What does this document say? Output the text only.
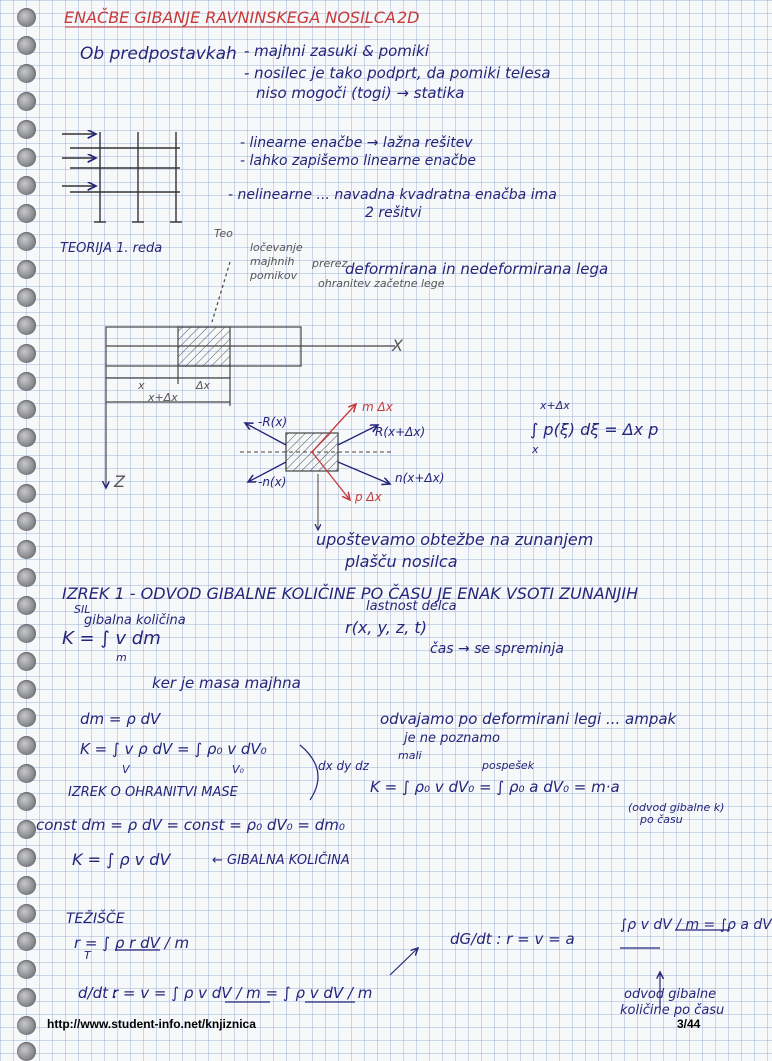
ENAČBE GIBANJE RAVNINSKEGA NOSILCA 2D
Ob predpostavkah - majhni zasuki & pomiki
- nosilec je tako podprt, da pomiki telesa
niso mogoči (togi) → statika
- linearne enačbe → lažna rešitev
- lahko zapišemo linearne enačbe
- nelinearne ... navadna kvadratna enačba ima
2 rešitvi
TEORIJA 1. reda
Teo
ločevanje
majhnih
pomikov
prerez
deformirana in nedeformirana lega
ohranitev začetne lege
X
Z
x	Δx
x+Δx
-R(x)
-n(x)
R(x+Δx)
n(x+Δx)
m Δx
p Δx
x+Δx
∫ p(ξ) dξ = Δx p
x
upoštevamo obtežbe na zunanjem
plašču nosilca
IZREK 1 - ODVOD GIBALNE KOLIČINE PO ČASU JE ENAK VSOTI ZUNANJIH
SIL
gibalna količina
K = ∫ v dm
m
lastnost delca
r(x, y, z, t)
čas → se spreminja
ker je masa majhna
dm = ρ dV
K = ∫ v ρ dV = ∫ ρ₀ v dV₀
V	V₀	dx dy dz
odvajamo po deformirani legi ... ampak
je ne poznamo
mali
pospešek
K = ∫ ρ₀ v dV₀ = ∫ ρ₀ a dV₀ = m·a
(odvod gibalne k)
po času
IZREK O OHRANITVI MASE
const dm = ρ dV = const = ρ₀ dV₀ = dm₀
K = ∫ ρ v dV	← GIBALNA KOLIČINA
TEŽIŠČE
r = ∫ ρ r dV / m
T
d/dt :
r = v = ∫ ρ v dV / m = ∫ ρ v dV / m
dG/dt : r = v = a
∫ρ v dV / m = ∫ρ a dV
odvod gibalne
količine po času
http://www.student-info.net/knjiznica	3/44
